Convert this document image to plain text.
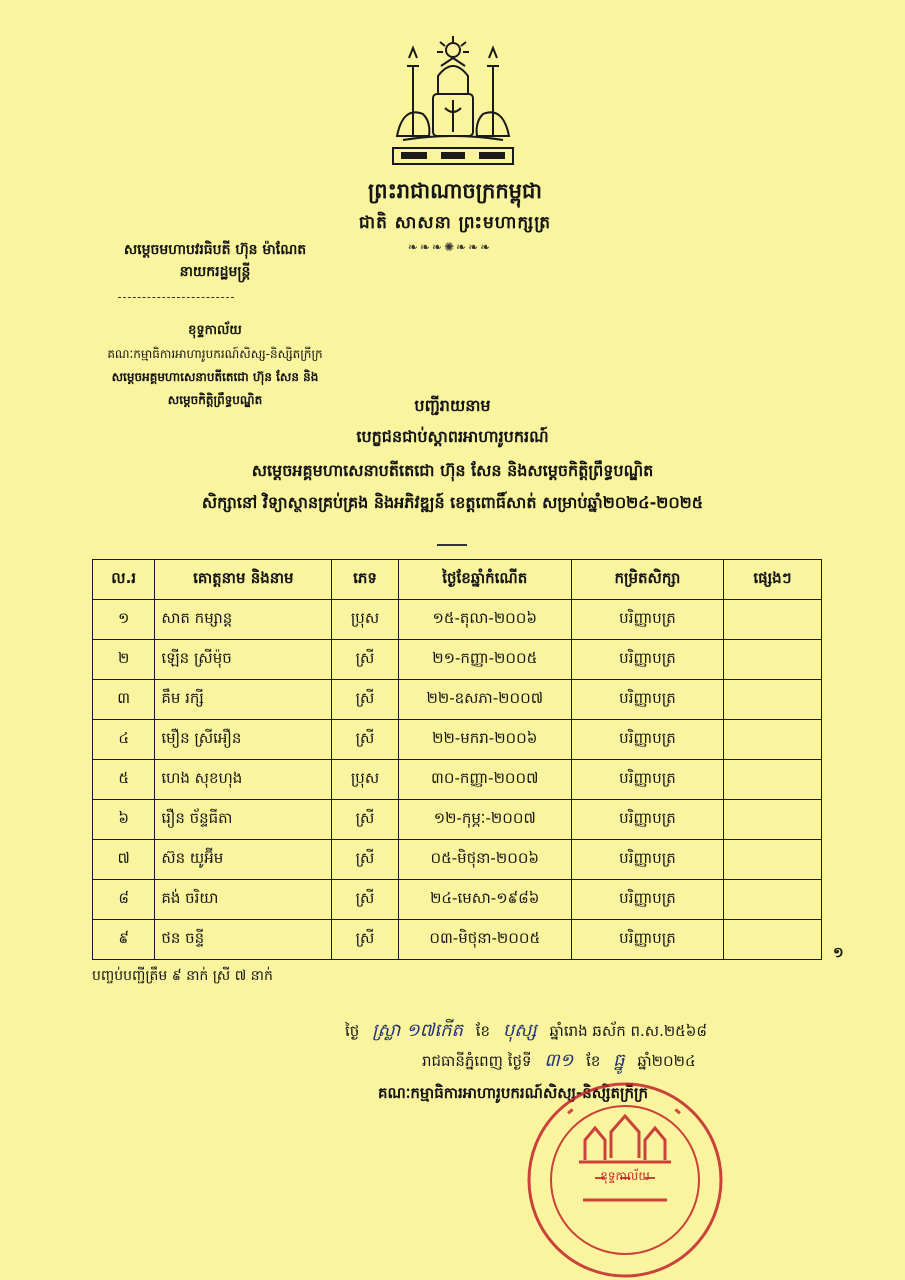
ព្រះរាជាណាចក្រកម្ពុជា
ជាតិ សាសនា ព្រះមហាក្សត្រ
❧❧❧✺❧❧❧
សម្តេចមហាបវរធិបតី ហ៊ុន ម៉ាណែត
នាយករដ្ឋមន្ត្រី
ខុទ្ទកាល័យ
គណៈកម្មាធិការអាហារូបករណ៍សិស្ស-និស្សិតក្រីក្រ
សម្តេចអគ្គមហាសេនាបតីតេជោ ហ៊ុន សែន និង
សម្តេចកិត្តិព្រឹទ្ធបណ្ឌិត	បញ្ជីរាយនាម
បេក្ខជនជាប់ស្តាពរអាហារូបករណ៍
សម្តេចអគ្គមហាសេនាបតីតេជោ ហ៊ុន សែន និងសម្តេចកិត្តិព្រឹទ្ធបណ្ឌិត
សិក្សានៅ វិទ្យាស្ថានគ្រប់គ្រង និងអភិវឌ្ឍន៍ ខេត្តពោធិ៍សាត់ សម្រាប់ឆ្នាំ២០២៤-២០២៥
ល.រ	គោត្តនាម និងនាម	ភេទ	ថ្ងៃខែឆ្នាំកំណើត	កម្រិតសិក្សា	ផ្សេងៗ
១	សាត កម្សាន្ត	ប្រុស	១៥-តុលា-២០០៦	បរិញ្ញាបត្រ	
២	ឡើន ស្រីម៉ុច	ស្រី	២១-កញ្ញា-២០០៥	បរិញ្ញាបត្រ	
៣	គឹម រក្សី	ស្រី	២២-ឧសភា-២០០៧	បរិញ្ញាបត្រ	
៤	មឿន ស្រីអឿន	ស្រី	២២-មករា-២០០៦	បរិញ្ញាបត្រ	
៥	ហេង សុខហុង	ប្រុស	៣០-កញ្ញា-២០០៧	បរិញ្ញាបត្រ	
៦	រឿន ច័ន្ទធីតា	ស្រី	១២-កុម្ភៈ-២០០៧	បរិញ្ញាបត្រ	
៧	ស៊ន យូអ៊ីម	ស្រី	០៥-មិថុនា-២០០៦	បរិញ្ញាបត្រ	
៨	គង់ ចរិយា	ស្រី	២៤-មេសា-១៩៨៦	បរិញ្ញាបត្រ	
៩	ថន ចន្ទី	ស្រី	០៣-មិថុនា-២០០៥	បរិញ្ញាបត្រ	
១
បញ្ចប់បញ្ជីត្រឹម ៩ នាក់ ស្រី ៧ នាក់
ថ្ងៃ ស្រ្លា ១៧កើត ខែ បុស្ស ឆ្នាំរោង ឆស័ក ព.ស.២៥៦៨
រាជធានីភ្នំពេញ ថ្ងៃទី ៣១ ខែ ធ្នូ ឆ្នាំ២០២៤
គណៈកម្មាធិការអាហារូបករណ៍សិស្ស-និស្សិតក្រីក្រ
ខុទ្ទកាល័យ
